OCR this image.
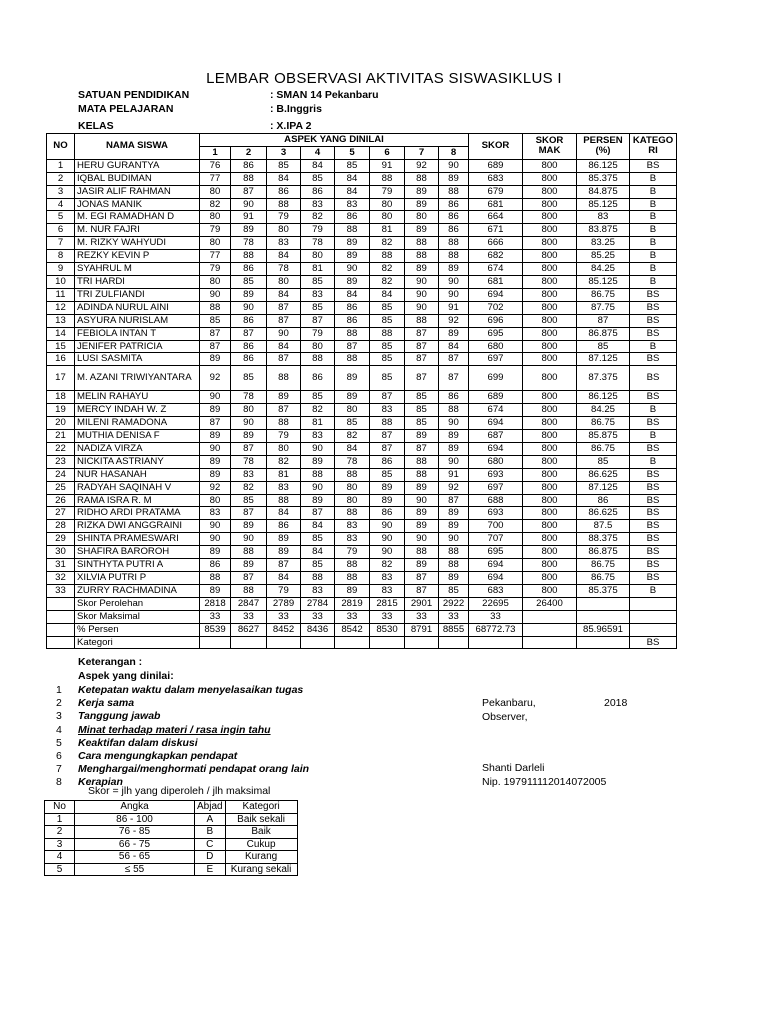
LEMBAR OBSERVASI AKTIVITAS SISWASIKLUS I
SATUAN PENDIDIKAN	: SMAN 14 Pekanbaru
MATA PELAJARAN	: B.Inggris
KELAS	: X.IPA 2
NO	NAMA SISWA	ASPEK YANG DINILAI								SKOR	SKOR MAK	PERSEN (%)	KATEGO RI
		1	2	3	4	5	6	7	8				
1	HERU GURANTYA	76	86	85	84	85	91	92	90	689	800	86.125	BS
2	IQBAL BUDIMAN	77	88	84	85	84	88	88	89	683	800	85.375	B
3	JASIR ALIF RAHMAN	80	87	86	86	84	79	89	88	679	800	84.875	B
4	JONAS MANIK	82	90	88	83	83	80	89	86	681	800	85.125	B
5	M. EGI RAMADHAN D	80	91	79	82	86	80	80	86	664	800	83	B
6	M. NUR FAJRI	79	89	80	79	88	81	89	86	671	800	83.875	B
7	M. RIZKY WAHYUDI	80	78	83	78	89	82	88	88	666	800	83.25	B
8	REZKY KEVIN P	77	88	84	80	89	88	88	88	682	800	85.25	B
9	SYAHRUL M	79	86	78	81	90	82	89	89	674	800	84.25	B
10	TRI HARDI	80	85	80	85	89	82	90	90	681	800	85.125	B
11	TRI ZULFIANDI	90	89	84	83	84	84	90	90	694	800	86.75	BS
12	ADINDA NURUL AINI	88	90	87	85	86	85	90	91	702	800	87.75	BS
13	ASYURA NURISLAM	85	86	87	87	86	85	88	92	696	800	87	BS
14	FEBIOLA INTAN T	87	87	90	79	88	88	87	89	695	800	86.875	BS
15	JENIFER PATRICIA	87	86	84	80	87	85	87	84	680	800	85	B
16	LUSI SASMITA	89	86	87	88	88	85	87	87	697	800	87.125	BS
17	M. AZANI TRIWIYANTARA	92	85	88	86	89	85	87	87	699	800	87.375	BS
18	MELIN RAHAYU	90	78	89	85	89	87	85	86	689	800	86.125	BS
19	MERCY INDAH W. Z	89	80	87	82	80	83	85	88	674	800	84.25	B
20	MILENI RAMADONA	87	90	88	81	85	88	85	90	694	800	86.75	BS
21	MUTHIA DENISA F	89	89	79	83	82	87	89	89	687	800	85.875	B
22	NADIZA VIRZA	90	87	80	90	84	87	87	89	694	800	86.75	BS
23	NICKITA ASTRIANY	89	78	82	89	78	86	88	90	680	800	85	B
24	NUR HASANAH	89	83	81	88	88	85	88	91	693	800	86.625	BS
25	RADYAH SAQINAH V	92	82	83	90	80	89	89	92	697	800	87.125	BS
26	RAMA ISRA R. M	80	85	88	89	80	89	90	87	688	800	86	BS
27	RIDHO ARDI PRATAMA	83	87	84	87	88	86	89	89	693	800	86.625	BS
28	RIZKA DWI ANGGRAINI	90	89	86	84	83	90	89	89	700	800	87.5	BS
29	SHINTA PRAMESWARI	90	90	89	85	83	90	90	90	707	800	88.375	BS
30	SHAFIRA BAROROH	89	88	89	84	79	90	88	88	695	800	86.875	BS
31	SINTHYTA PUTRI A	86	89	87	85	88	82	89	88	694	800	86.75	BS
32	XILVIA PUTRI P	88	87	84	88	88	83	87	89	694	800	86.75	BS
33	ZURRY RACHMADINA	89	88	79	83	89	83	87	85	683	800	85.375	B
	Skor Perolehan	2818	2847	2789	2784	2819	2815	2901	2922	22695	26400		
	Skor Maksimal	33	33	33	33	33	33	33	33	33			
	% Persen	8539	8627	8452	8436	8542	8530	8791	8855	68772.73		85.96591	
	Kategori												BS
Keterangan :
Aspek yang dinilai:
1 Ketepatan waktu dalam menyelasaikan tugas
2 Kerja sama
3 Tanggung jawab
4 Minat terhadap materi / rasa ingin tahu
5 Keaktifan dalam diskusi
6 Cara mengungkapkan pendapat
7 Menghargai/menghormati pendapat orang lain
8 Kerapian
Skor = jlh yang diperoleh / jlh maksimal
Pekanbaru,	2018
Observer,
Shanti Darleli
Nip. 197911112014072005
No	Angka	Abjad	Kategori
1	86 - 100	A	Baik sekali
2	76 - 85	B	Baik
3	66 - 75	C	Cukup
4	56 - 65	D	Kurang
5	≤ 55	E	Kurang sekali
